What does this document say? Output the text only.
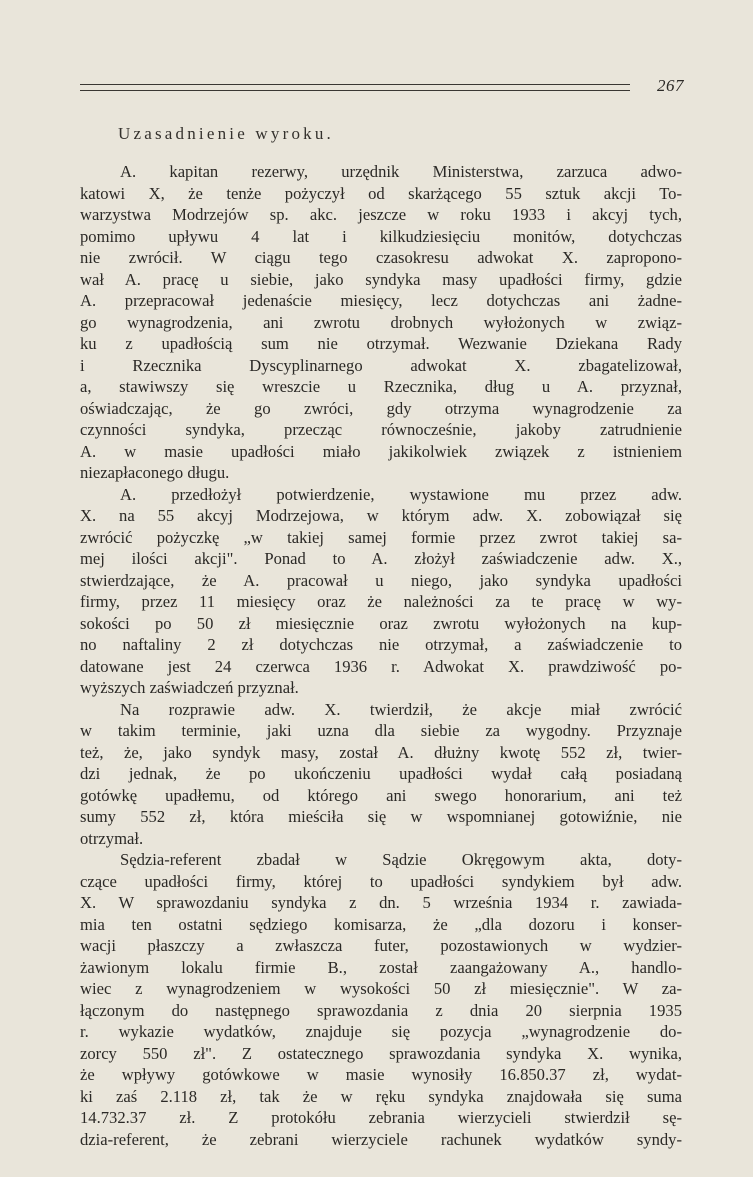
267
Uzasadnienie wyroku.
A. kapitan rezerwy, urzędnik Ministerstwa, zarzuca adwo-
katowi X, że tenże pożyczył od skarżącego 55 sztuk akcji To-
warzystwa Modrzejów sp. akc. jeszcze w roku 1933 i akcyj tych,
pomimo upływu 4 lat i kilkudziesięciu monitów, dotychczas
nie zwrócił. W ciągu tego czasokresu adwokat X. zapropono-
wał A. pracę u siebie, jako syndyka masy upadłości firmy, gdzie
A. przepracował jedenaście miesięcy, lecz dotychczas ani żadne-
go wynagrodzenia, ani zwrotu drobnych wyłożonych w związ-
ku z upadłością sum nie otrzymał. Wezwanie Dziekana Rady
i Rzecznika Dyscyplinarnego adwokat X. zbagatelizował,
a, stawiwszy się wreszcie u Rzecznika, dług u A. przyznał,
oświadczając, że go zwróci, gdy otrzyma wynagrodzenie za
czynności syndyka, przecząc równocześnie, jakoby zatrudnienie
A. w masie upadłości miało jakikolwiek związek z istnieniem
niezapłaconego długu.
A. przedłożył potwierdzenie, wystawione mu przez adw.
X. na 55 akcyj Modrzejowa, w którym adw. X. zobowiązał się
zwrócić pożyczkę „w takiej samej formie przez zwrot takiej sa-
mej ilości akcji". Ponad to A. złożył zaświadczenie adw. X.,
stwierdzające, że A. pracował u niego, jako syndyka upadłości
firmy, przez 11 miesięcy oraz że należności za te pracę w wy-
sokości po 50 zł miesięcznie oraz zwrotu wyłożonych na kup-
no naftaliny 2 zł dotychczas nie otrzymał, a zaświadczenie to
datowane jest 24 czerwca 1936 r. Adwokat X. prawdziwość po-
wyższych zaświadczeń przyznał.
Na rozprawie adw. X. twierdził, że akcje miał zwrócić
w takim terminie, jaki uzna dla siebie za wygodny. Przyznaje
też, że, jako syndyk masy, został A. dłużny kwotę 552 zł, twier-
dzi jednak, że po ukończeniu upadłości wydał całą posiadaną
gotówkę upadłemu, od którego ani swego honorarium, ani też
sumy 552 zł, która mieściła się w wspomnianej gotowiźnie, nie
otrzymał.
Sędzia-referent zbadał w Sądzie Okręgowym akta, doty-
czące upadłości firmy, której to upadłości syndykiem był adw.
X. W sprawozdaniu syndyka z dn. 5 września 1934 r. zawiada-
mia ten ostatni sędziego komisarza, że „dla dozoru i konser-
wacji płaszczy a zwłaszcza futer, pozostawionych w wydzier-
żawionym lokalu firmie B., został zaangażowany A., handlo-
wiec z wynagrodzeniem w wysokości 50 zł miesięcznie". W za-
łączonym do następnego sprawozdania z dnia 20 sierpnia 1935
r. wykazie wydatków, znajduje się pozycja „wynagrodzenie do-
zorcy 550 zł". Z ostatecznego sprawozdania syndyka X. wynika,
że wpływy gotówkowe w masie wynosiły 16.850.37 zł, wydat-
ki zaś 2.118 zł, tak że w ręku syndyka znajdowała się suma
14.732.37 zł. Z protokółu zebrania wierzycieli stwierdził sę-
dzia-referent, że zebrani wierzyciele rachunek wydatków syndy-
